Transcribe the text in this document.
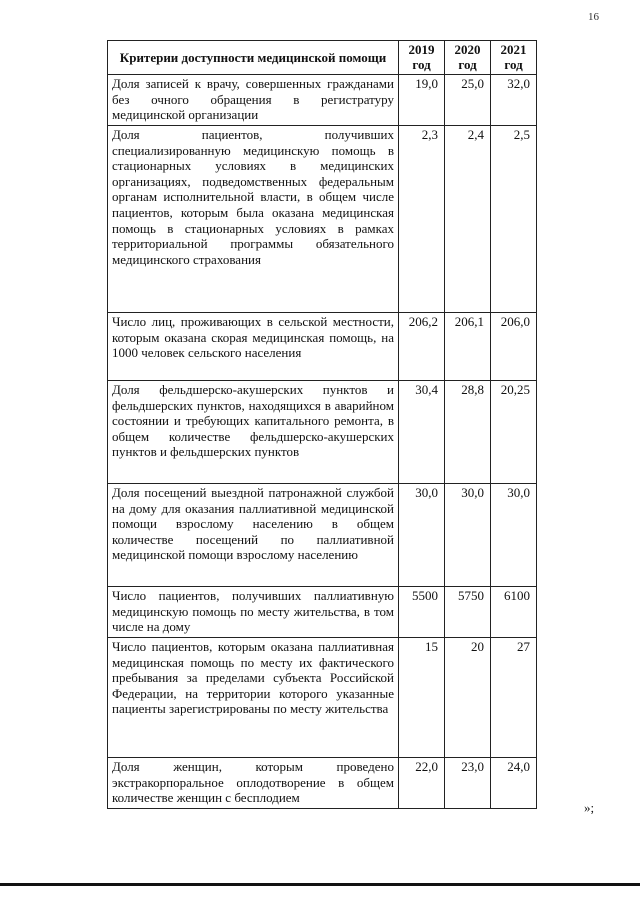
16
Критерии доступности медицинской помощи	2019 год	2020 год	2021 год
Доля записей к врачу, совершенных гражданами без очного обращения в регистратуру медицинской организации	19,0	25,0	32,0
Доля пациентов, получивших специализированную медицинскую помощь в стационарных условиях в медицинских организациях, подведомственных федеральным органам исполнительной власти, в общем числе пациентов, которым была оказана медицинская помощь в стационарных условиях в рамках территориальной программы обязательного медицинского страхования	2,3	2,4	2,5
Число лиц, проживающих в сельской местности, которым оказана скорая медицинская помощь, на 1000 человек сельского населения	206,2	206,1	206,0
Доля фельдшерско-акушерских пунктов и фельдшерских пунктов, находящихся в аварийном состоянии и требующих капитального ремонта, в общем количестве фельдшерско-акушерских пунктов и фельдшерских пунктов	30,4	28,8	20,25
Доля посещений выездной патронажной службой на дому для оказания паллиативной медицинской помощи взрослому населению в общем количестве посещений по паллиативной медицинской помощи взрослому населению	30,0	30,0	30,0
Число пациентов, получивших паллиативную медицинскую помощь по месту жительства, в том числе на дому	5500	5750	6100
Число пациентов, которым оказана паллиативная медицинская помощь по месту их фактического пребывания за пределами субъекта Российской Федерации, на территории которого указанные пациенты зарегистрированы по месту жительства	15	20	27
Доля женщин, которым проведено экстракорпоральное оплодотворение в общем количестве женщин с бесплодием	22,0	23,0	24,0
»;
